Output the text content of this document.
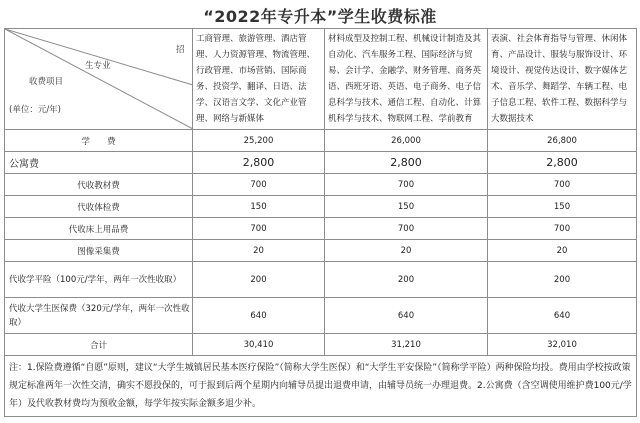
“2022年专升本”学生收费标准
招
生专业
收费项目
(单位：元/年)	工商管理、旅游管理、酒店管理、人力资源管理、物流管理、行政管理、市场营销、国际商务、投资学、翻译、日语、法学、汉语言文学、文化产业管理、网络与新媒体	材料成型及控制工程、机械设计制造及其自动化、汽车服务工程、国际经济与贸易、会计学、金融学、财务管理、商务英语、西班牙语、英语、电子商务、电子信息科学与技术、通信工程、自动化、计算机科学与技术、物联网工程、学前教育	表演、社会体育指导与管理、休闲体育、产品设计、服装与服饰设计、环境设计、视觉传达设计、数字媒体艺术、音乐学、舞蹈学、车辆工程、电子信息工程、软件工程、数据科学与大数据技术
学　　费	25,200	26,000	26,800
公寓费	2,800	2,800	2,800
代收教材费	700	700	700
代收体检费	150	150	150
代收床上用品费	700	700	700
图像采集费	20	20	20
代收学平险（100元/学年，两年一次性收取）	200	200	200
代收大学生医保费（320元/学年，两年一次性收取）	640	640	640
合计	30,410	31,210	32,010
注：1.保险费遵循“自愿”原则，建议“大学生城镇居民基本医疗保险”（简称大学生医保）和“大学生平安保险”（简称学平险）两种保险均投。费用由学校按政策规定标准两年一次性交清，确实不愿投保的，可于报到后两个星期内向辅导员提出退费申请，由辅导员统一办理退费。2.公寓费（含空调使用维护费100元/学年）及代收教材费均为预收金额，每学年按实际金额多退少补。			
